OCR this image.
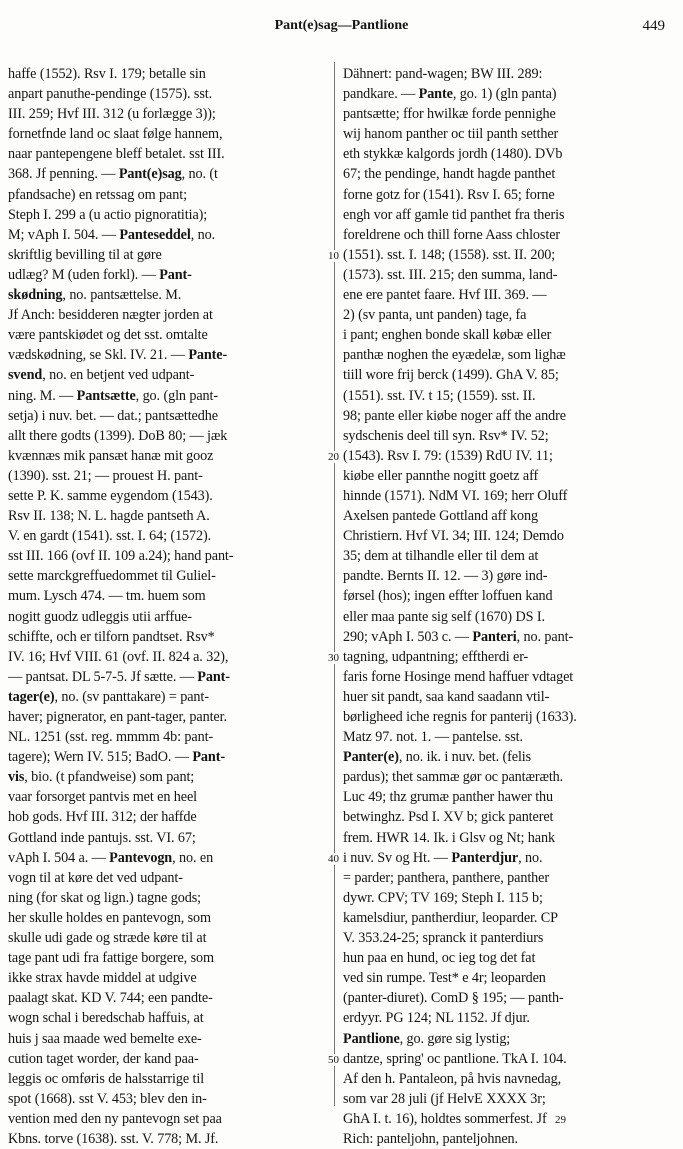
Pant(e)sag—Pantlione	449
haffe (1552). Rsv I. 179; betalle sin
anpart panuthe-pendinge (1575). sst.
III. 259; Hvf III. 312 (u forlægge 3));
fornetfnde land oc slaat følge hannem,
naar pantepengene bleff betalet. sst III.
368. Jf penning. — Pant(e)sag, no. (t
pfandsache) en retssag om pant;
Steph I. 299 a (u actio pignoratitia);
M; vAph I. 504. — Panteseddel, no.
skriftlig bevilling til at gøre
udlæg? M (uden forkl). — Pant-
skødning, no. pantsættelse. M.
Jf Anch: besidderen nægter jorden at
være pantskiødet og det sst. omtalte
vædskødning, se Skl. IV. 21. — Pante-
svend, no. en betjent ved udpant-
ning. M. — Pantsætte, go. (gln pant-
setja) i nuv. bet. — dat.; pantsættedhe
allt there godts (1399). DoB 80; — jæk
kvænnæs mik pansæt hanæ mit gooz
(1390). sst. 21; — prouest H. pant-
sette P. K. samme eygendom (1543).
Rsv II. 138; N. L. hagde pantseth A.
V. en gardt (1541). sst. I. 64; (1572).
sst III. 166 (ovf II. 109 a.24); hand pant-
sette marckgreffuedommet til Guliel-
mum. Lysch 474. — tm. huem som
nogitt guodz udleggis utii arffue-
schiffte, och er tilforn pandtset. Rsv*
IV. 16; Hvf VIII. 61 (ovf. II. 824 a. 32),
— pantsat. DL 5-7-5. Jf sætte. — Pant-
tager(e), no. (sv panttakare) = pant-
haver; pignerator, en pant-tager, panter.
NL. 1251 (sst. reg. mmmm 4b: pant-
tagere); Wern IV. 515; BadO. — Pant-
vis, bio. (t pfandweise) som pant;
vaar forsorget pantvis met en heel
hob gods. Hvf III. 312; der haffde
Gottland inde pantujs. sst. VI. 67;
vAph I. 504 a. — Pantevogn, no. en
vogn til at køre det ved udpant-
ning (for skat og lign.) tagne gods;
her skulle holdes en pantevogn, som
skulle udi gade og stræde køre til at
tage pant udi fra fattige borgere, som
ikke strax havde middel at udgive
paalagt skat. KD V. 744; een pandte-
wogn schal i beredschab haffuis, at
huis j saa maade wed bemelte exe-
cution taget worder, der kand paa-
leggis oc omføris de halsstarrige til
spot (1668). sst V. 453; blev den in-
vention med den ny pantevogn set paa
Kbns. torve (1638). sst. V. 778; M. Jf.
Dähnert: pand-wagen; BW III. 289:
pandkare. — Pante, go. 1) (gln panta)
pantsætte; ffor hwilkæ forde pennighe
wij hanom panther oc tiil panth setther
eth stykkæ kalgords jordh (1480). DVb
67; the pendinge, handt hagde panthet
forne gotz for (1541). Rsv I. 65; forne
engh vor aff gamle tid panthet fra theris
foreldrene och thill forne Aass chloster
(1551). sst. I. 148; (1558). sst. II. 200;
(1573). sst. III. 215; den summa, land-
ene ere pantet faare. Hvf III. 369. —
2) (sv panta, unt panden) tage, fa
i pant; enghen bonde skall købæ eller
panthæ noghen the eyædelæ, som lighæ
tiill wore frij berck (1499). GhA V. 85;
(1551). sst. IV. t 15; (1559). sst. II.
98; pante eller kiøbe noger aff the andre
sydschenis deel till syn. Rsv* IV. 52;
(1543). Rsv I. 79: (1539) RdU IV. 11;
kiøbe eller pannthe nogitt goetz aff
hinnde (1571). NdM VI. 169; herr Oluff
Axelsen pantede Gottland aff kong
Christiern. Hvf VI. 34; III. 124; Demdo
35; dem at tilhandle eller til dem at
pandte. Bernts II. 12. — 3) gøre ind-
førsel (hos); ingen effter loffuen kand
eller maa pante sig self (1670) DS I.
290; vAph I. 503 c. — Panteri, no. pant-
tagning, udpantning; efftherdi er-
faris forne Hosinge mend haffuer vdtaget
huer sit pandt, saa kand saadann vtil-
børligheed iche regnis for panterij (1633).
Matz 97. not. 1. — pantelse. sst.
Panter(e), no. ik. i nuv. bet. (felis
pardus); thet sammæ gør oc pantæræth.
Luc 49; thz grumæ panther hawer thu
betwinghz. Psd I. XV b; gick panteret
frem. HWR 14. Ik. i Glsv og Nt; hank
i nuv. Sv og Ht. — Panterdjur, no.
= parder; panthera, panthere, panther
dywr. CPV; TV 169; Steph I. 115 b;
kamelsdiur, pantherdiur, leoparder. CP
V. 353.24-25; spranck it panterdiurs
hun paa en hund, oc ieg tog det fat
ved sin rumpe. Test* e 4r; leoparden
(panter-diuret). ComD § 195; — panth-
erdyyr. PG 124; NL 1152. Jf djur.
Pantlione, go. gøre sig lystig;
dantze, spring' oc pantlione. TkA I. 104.
Af den h. Pantaleon, på hvis navnedag,
som var 28 juli (jf HelvE XXXX 3r;
GhA I. t. 16), holdtes sommerfest. Jf
Rich: panteljohn, panteljohnen.
10
20
30
40
50
29
